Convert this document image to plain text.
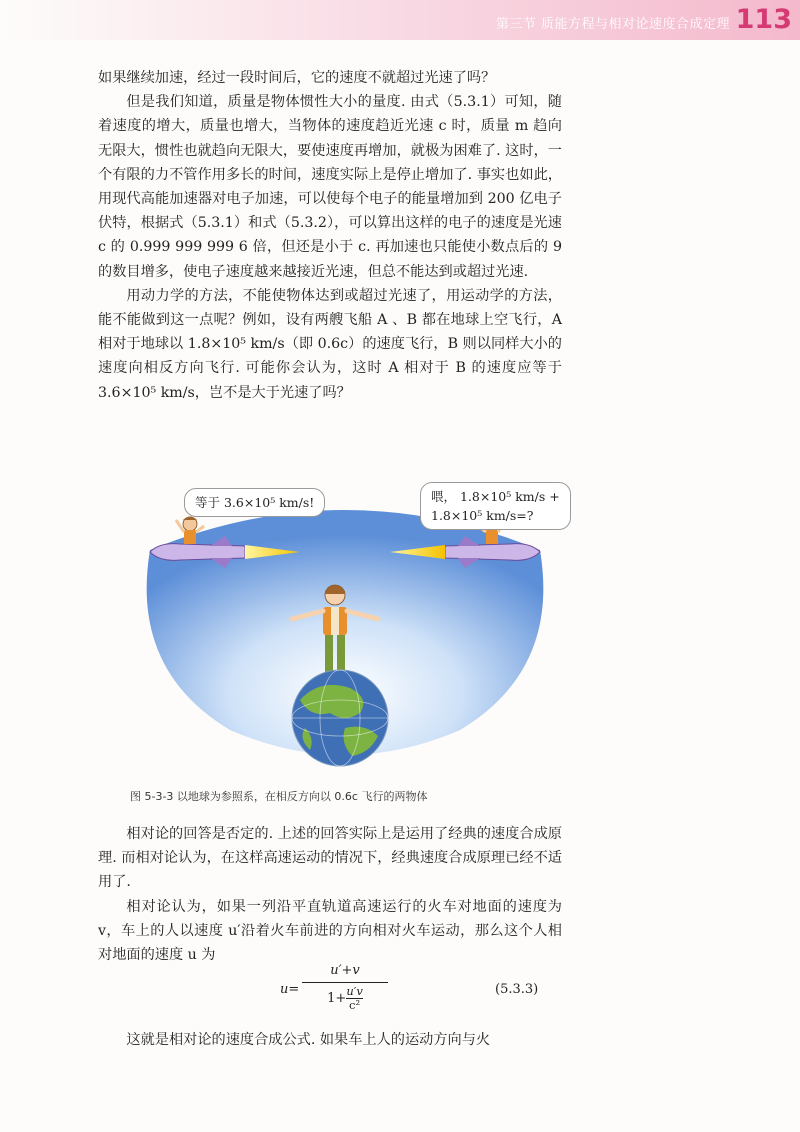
第三节 质能方程与相对论速度合成定理 113

如果继续加速，经过一段时间后，它的速度不就超过光速了吗？

但是我们知道，质量是物体惯性大小的量度. 由式（5.3.1）可知，随着速度的增大，质量也增大，当物体的速度趋近光速 c 时，质量 m 趋向无限大，惯性也就趋向无限大，要使速度再增加，就极为困难了. 这时，一个有限的力不管作用多长的时间，速度实际上是停止增加了. 事实也如此，用现代高能加速器对电子加速，可以使每个电子的能量增加到 200 亿电子伏特，根据式（5.3.1）和式（5.3.2），可以算出这样的电子的速度是光速 c 的 0.999 999 999 6 倍，但还是小于 c. 再加速也只能使小数点后的 9 的数目增多，使电子速度越来越接近光速，但总不能达到或超过光速.

用动力学的方法，不能使物体达到或超过光速了，用运动学的方法，能不能做到这一点呢？例如，设有两艘飞船 A 、B 都在地球上空飞行，A 相对于地球以 1.8×10⁵ km/s（即 0.6c）的速度飞行，B 则以同样大小的速度向相反方向飞行. 可能你会认为，这时 A 相对于 B 的速度应等于 3.6×10⁵ km/s，岂不是大于光速了吗？

等于 3.6×10⁵ km/s!	喂， 1.8×10⁵ km/s +
1.8×10⁵ km/s=?
图 5-3-3 以地球为参照系，在相反方向以 0.6c 飞行的两物体

相对论的回答是否定的. 上述的回答实际上是运用了经典的速度合成原理. 而相对论认为，在这样高速运动的情况下，经典速度合成原理已经不适用了.

相对论认为，如果一列沿平直轨道高速运行的火车对地面的速度为 v，车上的人以速度 u′沿着火车前进的方向相对火车运动，那么这个人相对地面的速度 u 为

u=
u′+v
$1+ \frac{u'v}{\text{c²}}$	(5.3.3)

这就是相对论的速度合成公式. 如果车上人的运动方向与火
